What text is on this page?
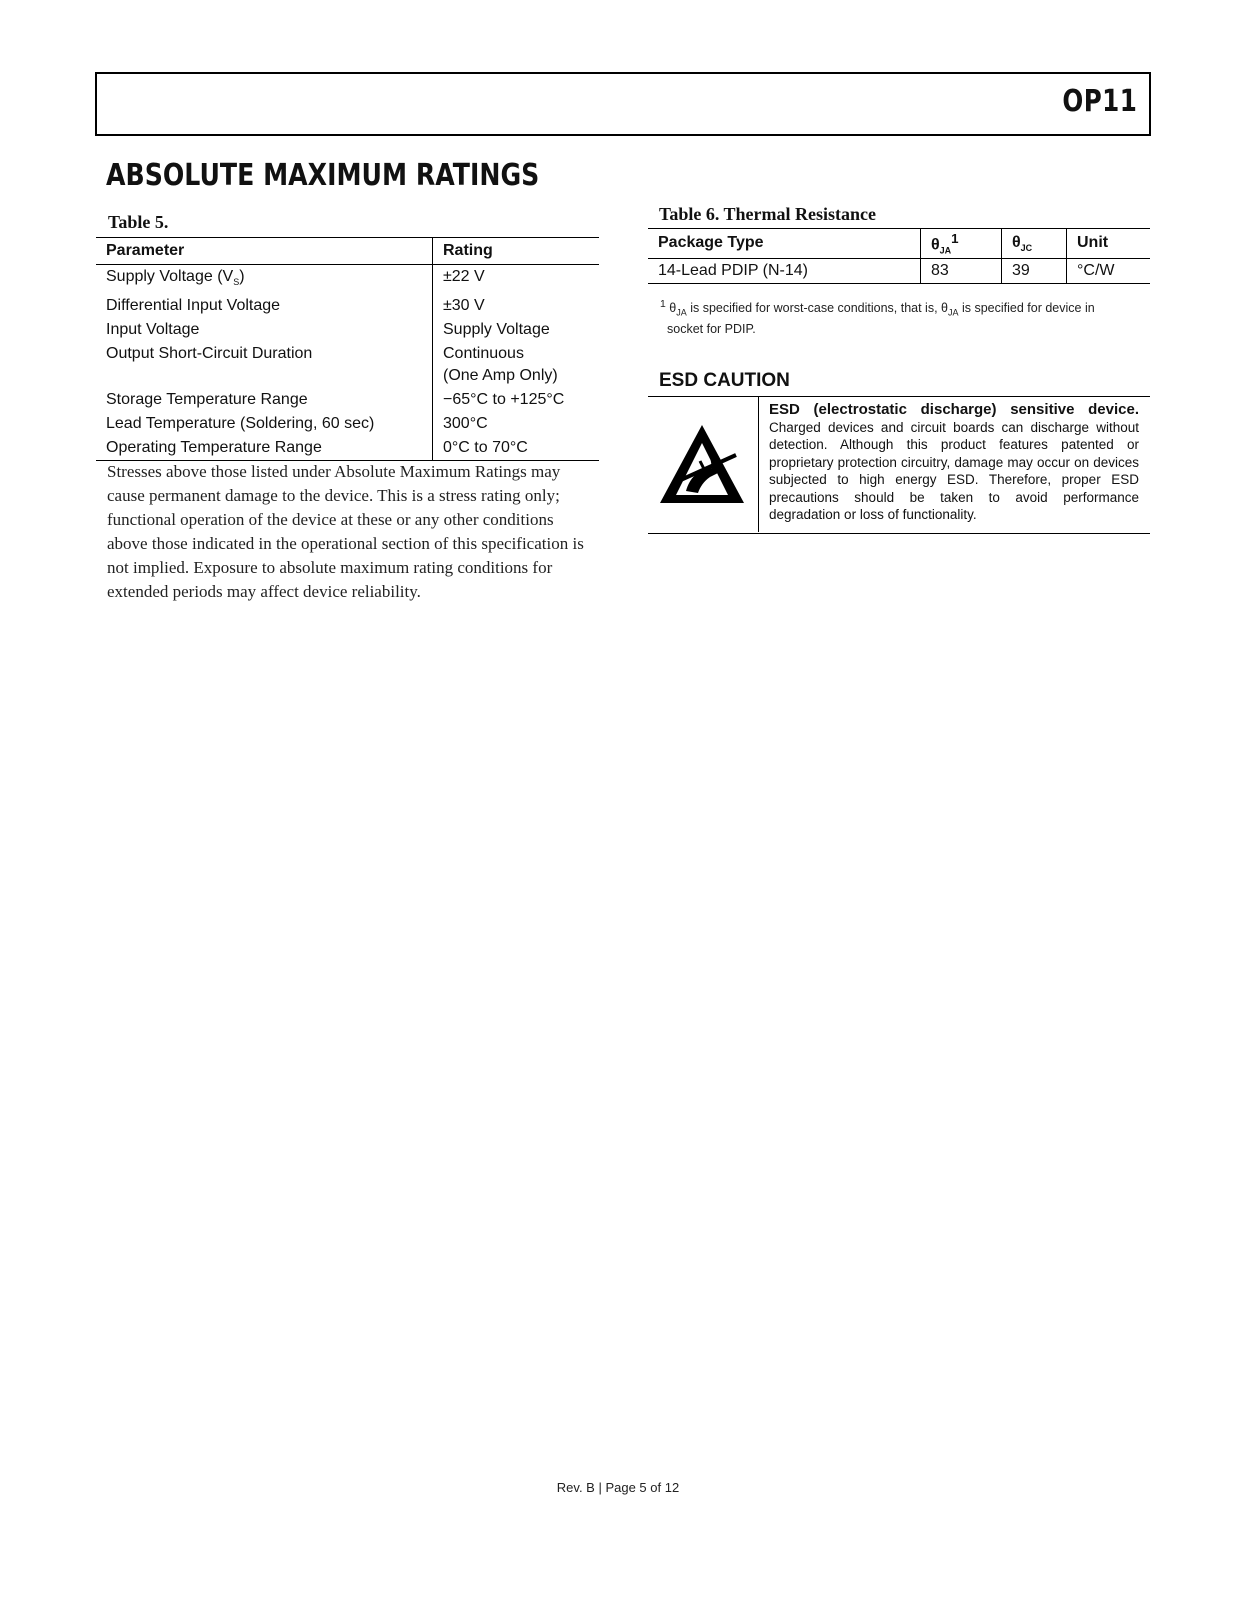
OP11
ABSOLUTE MAXIMUM RATINGS
Table 5.
Parameter	Rating
Supply Voltage $(V_S)$	±22 V
Differential Input Voltage	±30 V
Input Voltage	Supply Voltage
Output Short-Circuit Duration	Continuous
(One Amp Only)

Storage Temperature Range	−65°C to +125°C
Lead Temperature (Soldering, 60 sec)	300°C
Operating Temperature Range	0°C to 70°C
Stresses above those listed under Absolute Maximum Ratings may cause permanent damage to the device. This is a stress rating only; functional operation of the device at these or any other conditions above those indicated in the operational section of this specification is not implied. Exposure to absolute maximum rating conditions for extended periods may affect device reliability.
Table 6. Thermal Resistance
Package Type	$\theta_{JA}^1$	$\theta_{JC}$	Unit
14-Lead PDIP (N-14)	83	39	°C/W
$^1$ $\theta_{JA}$ is specified for worst-case conditions, that is, $\theta_{JA}$ is specified for device in
socket for PDIP.
ESD CAUTION
ESD (electrostatic discharge) sensitive device. Charged devices and circuit boards can discharge without detection. Although this product features patented or proprietary protection circuitry, damage may occur on devices subjected to high energy ESD. Therefore, proper ESD precautions should be taken to avoid performance degradation or loss of functionality.
Rev. B | Page 5 of 12
